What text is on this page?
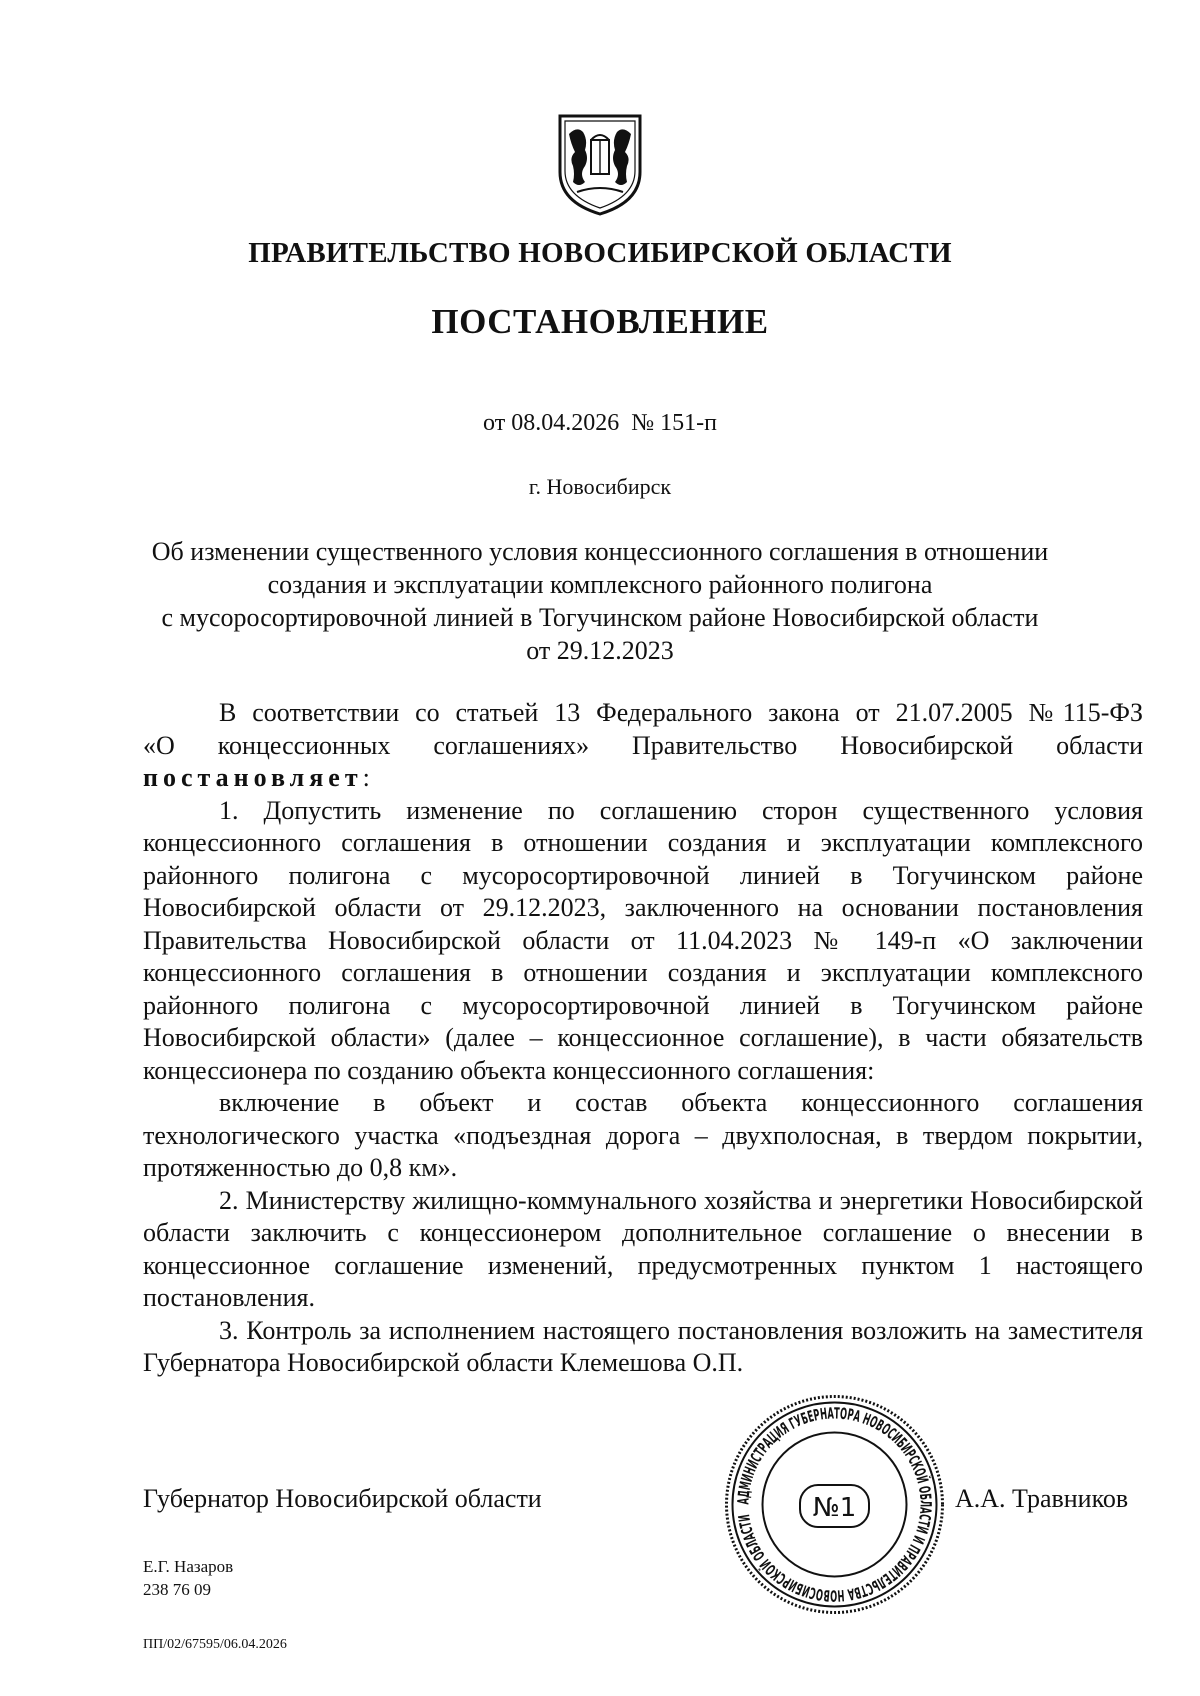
ПРАВИТЕЛЬСТВО НОВОСИБИРСКОЙ ОБЛАСТИ
ПОСТАНОВЛЕНИЕ
от 08.04.2026  № 151-п
г. Новосибирск
Об изменении существенного условия концессионного соглашения в отношении
создания и эксплуатации комплексного районного полигона
с мусоросортировочной линией в Тогучинском районе Новосибирской области
от 29.12.2023

В соответствии со статьей 13 Федерального закона от 21.07.2005 №115-ФЗ

«О концессионных соглашениях» Правительство Новосибирской области

постановляет:

1. Допустить изменение по соглашению сторон существенного условия концессионного соглашения в отношении создания и эксплуатации комплексного районного полигона с мусоросортировочной линией в Тогучинском районе Новосибирской области от 29.12.2023, заключенного на основании постановления Правительства Новосибирской области от 11.04.2023 № 149-п «О заключении концессионного соглашения в отношении создания и эксплуатации комплексного районного полигона с мусоросортировочной линией в Тогучинском районе Новосибирской области» (далее – концессионное соглашение), в части обязательств концессионера по созданию объекта концессионного соглашения:

включение в объект и состав объекта концессионного соглашения технологического участка «подъездная дорога – двухполосная, в твердом покрытии, протяженностью до 0,8 км».

2. Министерству жилищно-коммунального хозяйства и энергетики Новосибирской области заключить с концессионером дополнительное соглашение о внесении в концессионное соглашение изменений, предусмотренных пунктом 1 настоящего постановления.

3. Контроль за исполнением настоящего постановления возложить на заместителя Губернатора Новосибирской области Клемешова О.П.

Губернатор Новосибирской области	А.А. Травников
АДМИНИСТРАЦИЯ ГУБЕРНАТОРА НОВОСИБИРСКОЙ ОБЛАСТИ И ПРАВИТЕЛЬСТВА НОВОСИБИРСКОЙ ОБЛАСТИ	№1
Е.Г. Назаров
238 76 09
ПП/02/67595/06.04.2026
